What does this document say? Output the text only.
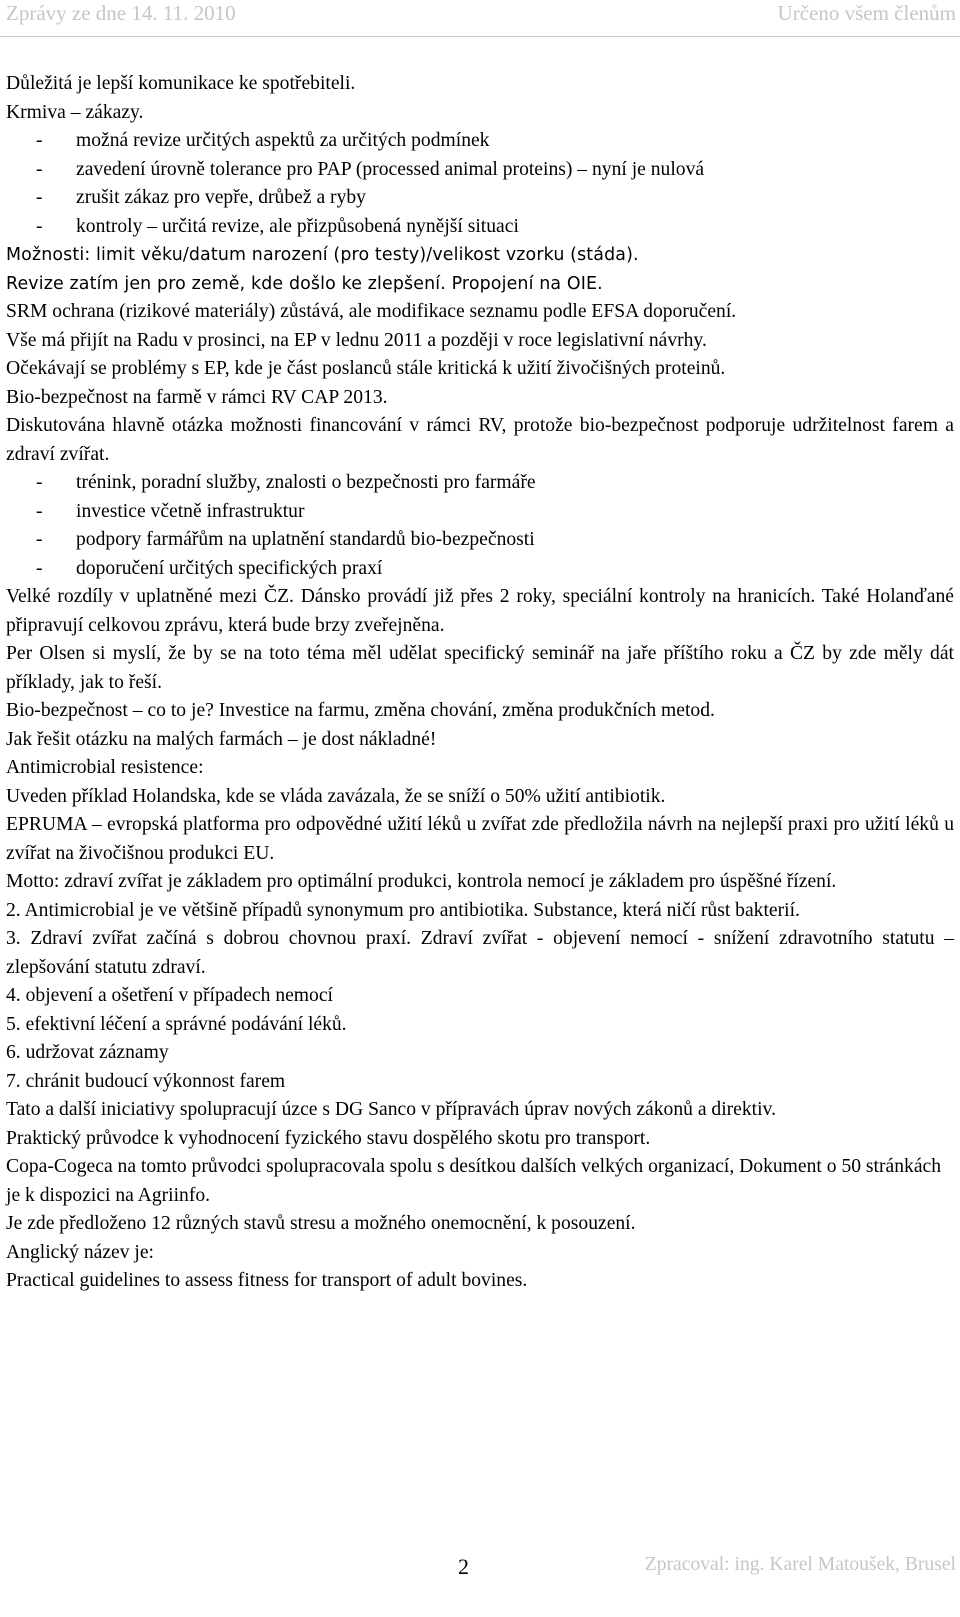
Zprávy ze dne 14. 11. 2010	Určeno všem členům

Důležitá je lepší komunikace ke spotřebiteli.

Krmiva – zákazy.

- možná revize určitých aspektů za určitých podmínek
- zavedení úrovně tolerance pro PAP (processed animal proteins) – nyní je nulová
- zrušit zákaz pro vepře, drůbež a ryby
- kontroly – určitá revize, ale přizpůsobená nynější situaci

Možnosti: limit věku/datum narození (pro testy)/velikost vzorku (stáda).

Revize zatím jen pro země, kde došlo ke zlepšení. Propojení na OIE.

SRM ochrana (rizikové materiály) zůstává, ale modifikace seznamu podle EFSA doporučení.

Vše má přijít na Radu v prosinci, na EP v lednu 2011 a později v roce legislativní návrhy.

Očekávají se problémy s EP, kde je část poslanců stále kritická k užití živočišných proteinů.

Bio-bezpečnost na farmě v rámci RV CAP 2013.

Diskutována hlavně otázka možnosti financování v rámci RV, protože bio-bezpečnost podporuje udržitelnost farem a zdraví zvířat.

- trénink, poradní služby, znalosti o bezpečnosti pro farmáře
- investice včetně infrastruktur
- podpory farmářům na uplatnění standardů bio-bezpečnosti
- doporučení určitých specifických praxí

Velké rozdíly v uplatněné mezi ČZ. Dánsko provádí již přes 2 roky, speciální kontroly na hranicích. Také Holanďané připravují celkovou zprávu, která bude brzy zveřejněna.

Per Olsen si myslí, že by se na toto téma měl udělat specifický seminář na jaře příštího roku a ČZ by zde měly dát příklady, jak to řeší.

Bio-bezpečnost – co to je? Investice na farmu, změna chování, změna produkčních metod.

Jak řešit otázku na malých farmách – je dost nákladné!

Antimicrobial resistence:

Uveden příklad Holandska, kde se vláda zavázala, že se sníží o 50% užití antibiotik.

EPRUMA – evropská platforma pro odpovědné užití léků u zvířat zde předložila návrh na nejlepší praxi pro užití léků u zvířat na živočišnou produkci EU.

Motto: zdraví zvířat je základem pro optimální produkci, kontrola nemocí je základem pro úspěšné řízení.

2. Antimicrobial je ve většině případů synonymum pro antibiotika. Substance, která ničí růst bakterií.

3. Zdraví zvířat začíná s dobrou chovnou praxí. Zdraví zvířat - objevení nemocí - snížení zdravotního statutu – zlepšování statutu zdraví.

4. objevení a ošetření v případech nemocí

5. efektivní léčení a správné podávání léků.

6. udržovat záznamy

7. chránit budoucí výkonnost farem

Tato a další iniciativy spolupracují úzce s DG Sanco v přípravách úprav nových zákonů a direktiv.

Praktický průvodce k vyhodnocení fyzického stavu dospělého skotu pro transport.

Copa-Cogeca na tomto průvodci spolupracovala spolu s desítkou dalších velkých organizací, Dokument o 50 stránkách je k dispozici na Agriinfo.

Je zde předloženo 12 různých stavů stresu a možného onemocnění, k posouzení.

Anglický název je:

Practical guidelines to assess fitness for transport of adult bovines.

2	Zpracoval: ing. Karel Matoušek, Brusel
